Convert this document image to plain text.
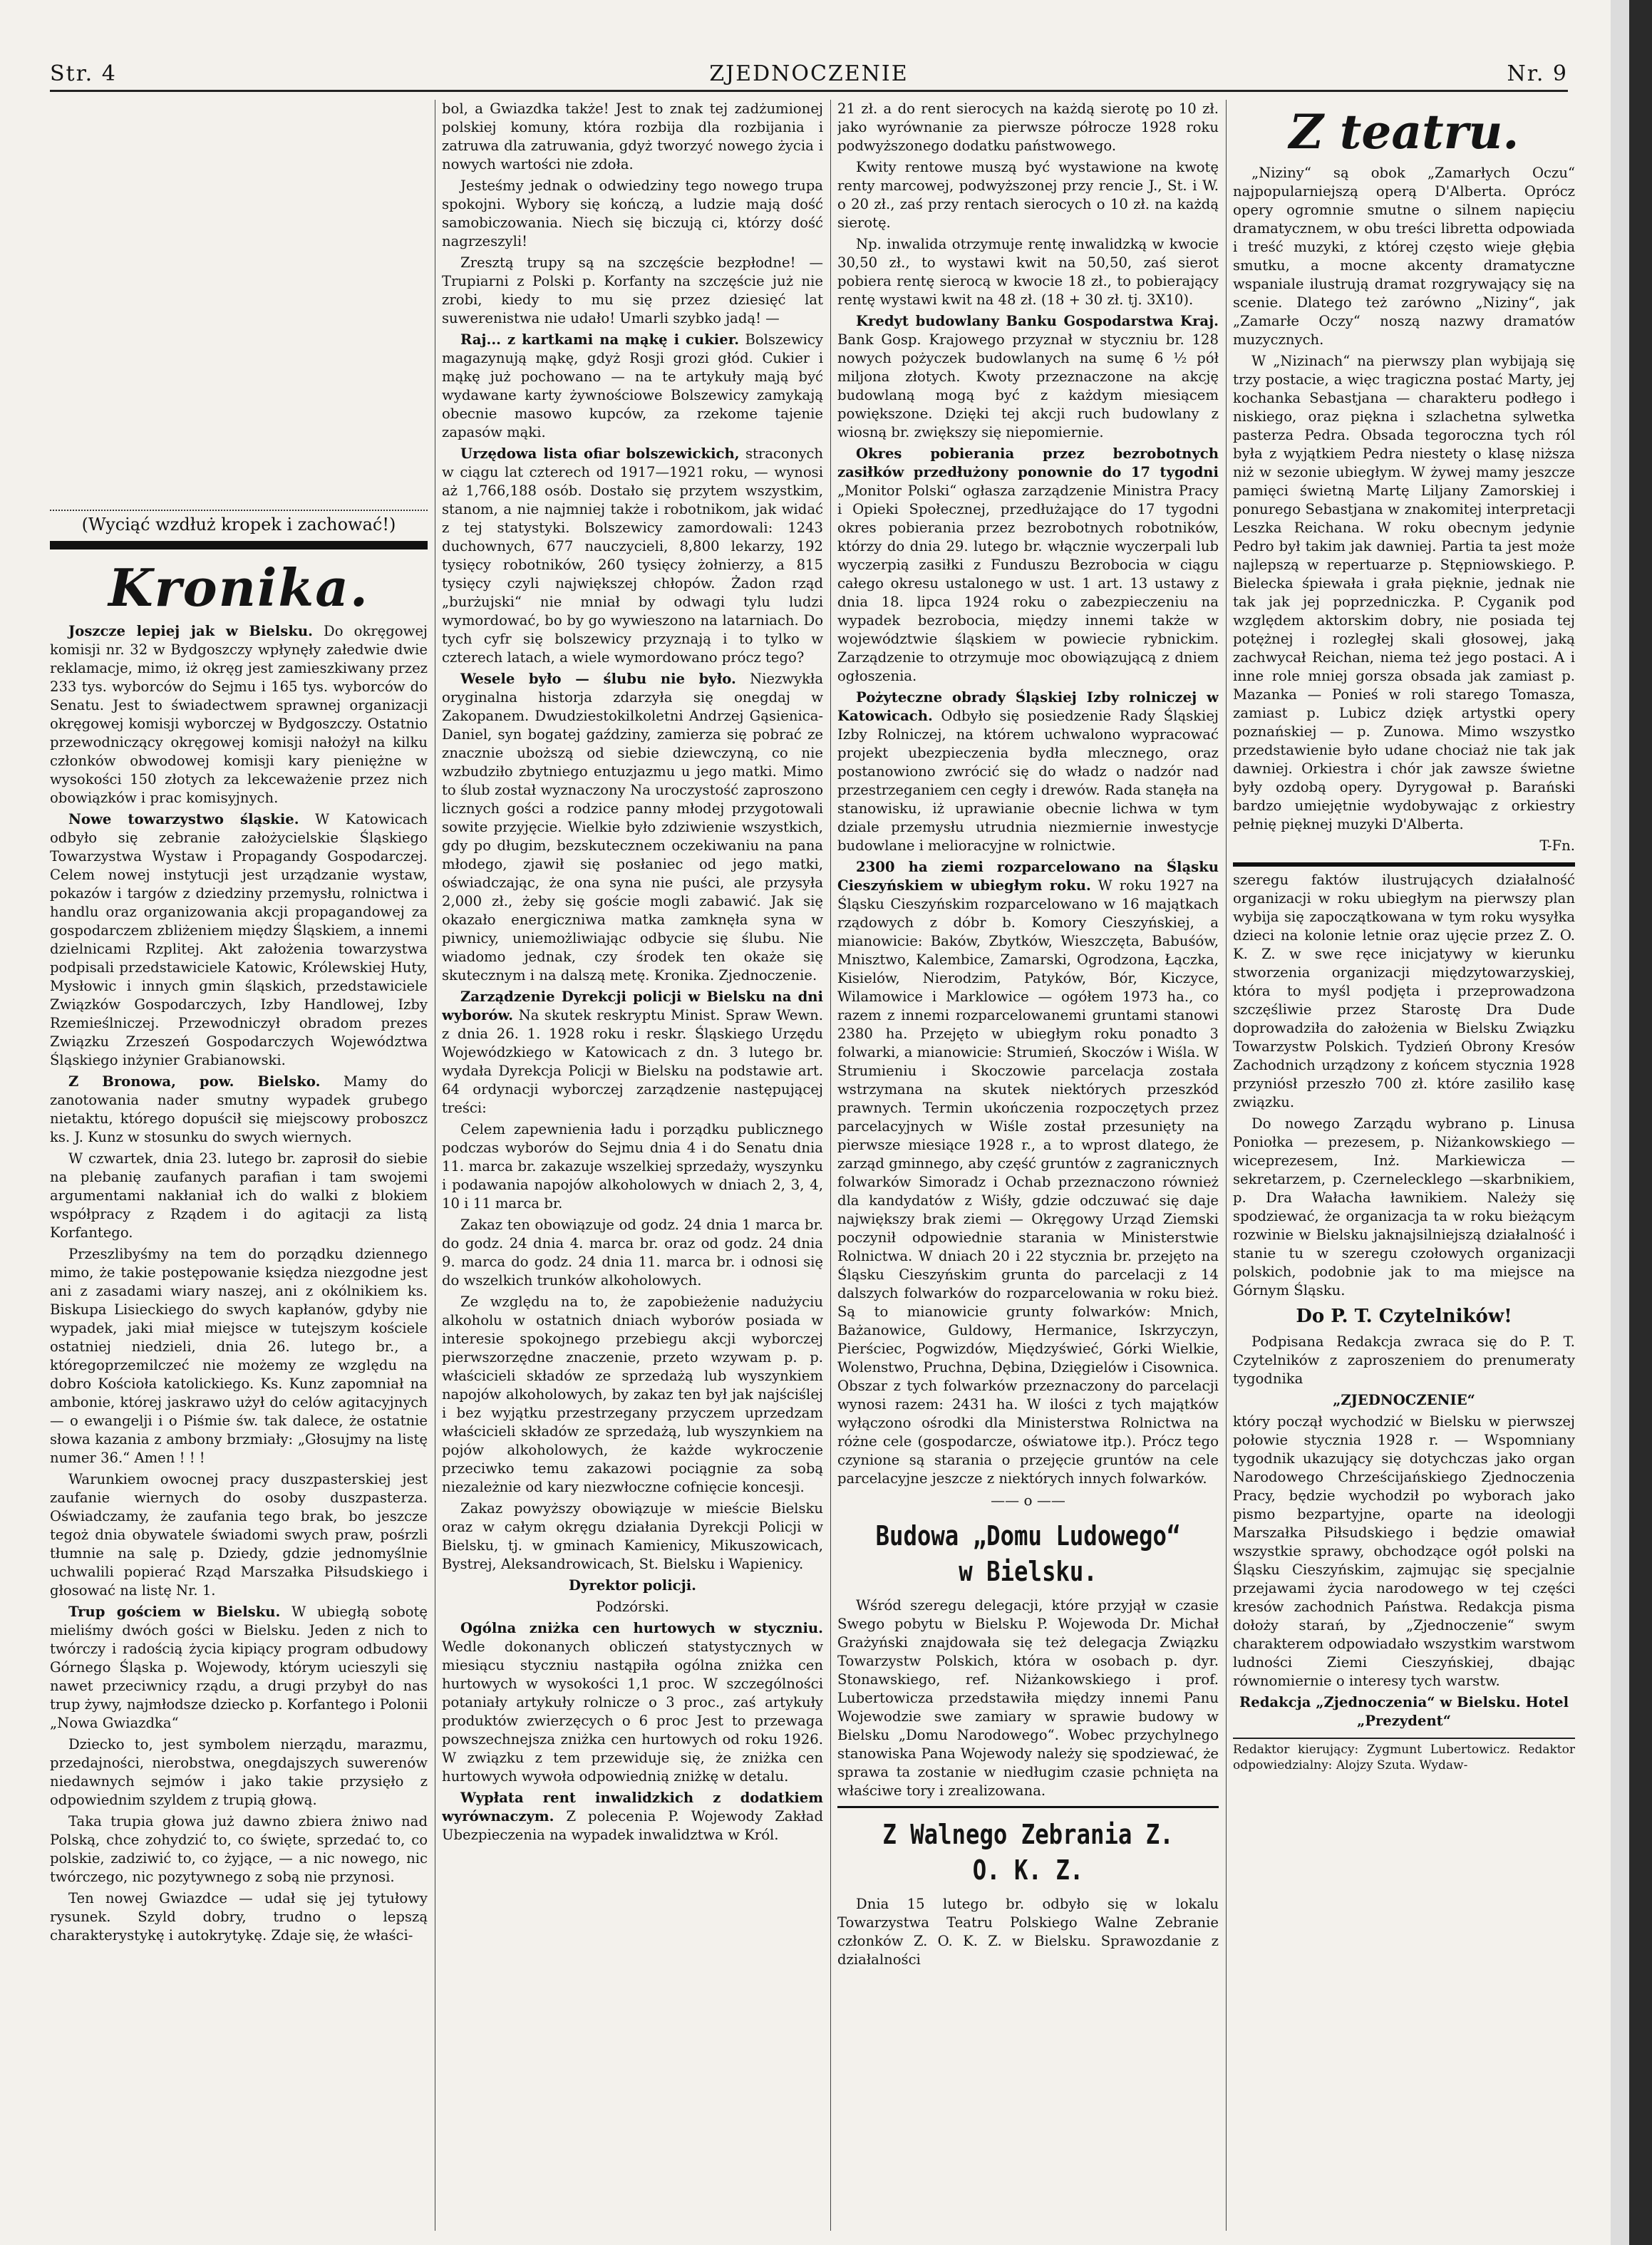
Str. 4	ZJEDNOCZENIE	Nr. 9
(Wyciąć wzdłuż kropek i zachować!)
Kronika.

Joszcze lepiej jak w Bielsku. Do okręgowej komisji nr. 32 w Bydgoszczy wpłynęły załedwie dwie reklamacje, mimo, iż okręg jest zamieszkiwany przez 233 tys. wyborców do Sejmu i 165 tys. wyborców do Senatu. Jest to świadectwem sprawnej organizacji okręgowej komisji wyborczej w Bydgoszczy. Ostatnio przewodniczący okręgowej komisji nałożył na kilku członków obwodowej komisji kary pieniężne w wysokości 150 złotych za lekceważenie przez nich obowiązków i prac komisyjnych.

Nowe towarzystwo śląskie. W Katowicach odbyło się zebranie założycielskie Śląskiego Towarzystwa Wystaw i Propagandy Gospodarczej. Celem nowej instytucji jest urządzanie wystaw, pokazów i targów z dziedziny przemysłu, rolnictwa i handlu oraz organizowania akcji propagandowej za gospodarczem zbliżeniem między Śląskiem, a innemi dzielnicami Rzplitej. Akt założenia towarzystwa podpisali przedstawiciele Katowic, Królewskiej Huty, Mysłowic i innych gmin śląskich, przedstawiciele Związków Gospodarczych, Izby Handlowej, Izby Rzemieślniczej. Przewodniczył obradom prezes Związku Zrzeszeń Gospodarczych Województwa Śląskiego inżynier Grabianowski.

Z Bronowa, pow. Bielsko. Mamy do zanotowania nader smutny wypadek grubego nietaktu, którego dopuścił się miejscowy proboszcz ks. J. Kunz w stosunku do swych wiernych.

W czwartek, dnia 23. lutego br. zaprosił do siebie na plebanię zaufanych parafian i tam swojemi argumentami nakłaniał ich do walki z blokiem współpracy z Rządem i do agitacji za listą Korfantego.

Przeszlibyśmy na tem do porządku dziennego mimo, że takie postępowanie księdza niezgodne jest ani z zasadami wiary naszej, ani z okólnikiem ks. Biskupa Lisieckiego do swych kapłanów, gdyby nie wypadek, jaki miał miejsce w tutejszym kościele ostatniej niedzieli, dnia 26. lutego br., a któregoprzemilczeć nie możemy ze względu na dobro Kościoła katolickiego. Ks. Kunz zapomniał na ambonie, której jaskrawo użył do celów agitacyjnych — o ewangelji i o Piśmie św. tak dalece, że ostatnie słowa kazania z ambony brzmiały: „Głosujmy na listę numer 36.“ Amen ! ! !

Warunkiem owocnej pracy duszpasterskiej jest zaufanie wiernych do osoby duszpasterza. Oświadczamy, że zaufania tego brak, bo jeszcze tegoż dnia obywatele świadomi swych praw, pośrzli tłumnie na salę p. Dziedy, gdzie jednomyślnie uchwalili popierać Rząd Marszałka Piłsudskiego i głosować na listę Nr. 1.

Trup gościem w Bielsku. W ubiegłą sobotę mieliśmy dwóch gości w Bielsku. Jeden z nich to twórczy i radością życia kipiący program odbudowy Górnego Śląska p. Wojewody, którym ucieszyli się nawet przeciwnicy rządu, a drugi przybył do nas trup żywy, najmłodsze dziecko p. Korfantego i Polonii „Nowa Gwiazdka“

Dziecko to, jest symbolem nierządu, marazmu, przedajności, nierobstwa, onegdajszych suwerenów niedawnych sejmów i jako takie przysięło z odpowiednim szyldem z trupią głową.

Taka trupia głowa już dawno zbiera żniwo nad Polską, chce zohydzić to, co święte, sprzedać to, co polskie, zadziwić to, co żyjące, — a nic nowego, nic twórczego, nic pozytywnego z sobą nie przynosi.

Ten nowej Gwiazdce — udał się jej tytułowy rysunek. Szyld dobry, trudno o lepszą charakterystykę i autokrytykę. Zdaje się, że właści-

bol, a Gwiazdka także! Jest to znak tej zadżumionej polskiej komuny, która rozbija dla rozbijania i zatruwa dla zatruwania, gdyż tworzyć nowego życia i nowych wartości nie zdoła.

Jesteśmy jednak o odwiedziny tego nowego trupa spokojni. Wybory się kończą, a ludzie mają dość samobiczowania. Niech się biczują ci, którzy dość nagrzeszyli!

Zresztą trupy są na szczęście bezpłodne! — Trupiarni z Polski p. Korfanty na szczęście już nie zrobi, kiedy to mu się przez dziesięć lat suwerenistwa nie udało! Umarli szybko jadą! —

Raj... z kartkami na mąkę i cukier. Bolszewicy magazynują mąkę, gdyż Rosji grozi głód. Cukier i mąkę już pochowano — na te artykuły mają być wydawane karty żywnościowe Bolszewicy zamykają obecnie masowo kupców, za rzekome tajenie zapasów mąki.

Urzędowa lista ofiar bolszewickich, straconych w ciągu lat czterech od 1917—1921 roku, — wynosi aż 1,766,188 osób. Dostało się przytem wszystkim, stanom, a nie najmniej także i robotnikom, jak widać z tej statystyki. Bolszewicy zamordowali: 1243 duchownych, 677 nauczycieli, 8,800 lekarzy, 192 tysięcy robotników, 260 tysięcy żołnierzy, a 815 tysięcy czyli największej chłopów. Żadon rząd „burżujski“ nie mniał by odwagi tylu ludzi wymordować, bo by go wywieszono na latarniach. Do tych cyfr się bolszewicy przyznają i to tylko w czterech latach, a wiele wymordowano prócz tego?

Wesele było — ślubu nie było. Niezwykła oryginalna historja zdarzyła się onegdaj w Zakopanem. Dwudziestokilkoletni Andrzej Gąsienica-Daniel, syn bogatej gaździny, zamierza się pobrać ze znacznie uboższą od siebie dziewczyną, co nie wzbudziło zbytniego entuzjazmu u jego matki. Mimo to ślub został wyznaczony Na uroczystość zaproszono licznych gości a rodzice panny młodej przygotowali sowite przyjęcie. Wielkie było zdziwienie wszystkich, gdy po długim, bezskutecznem oczekiwaniu na pana młodego, zjawił się posłaniec od jego matki, oświadczając, że ona syna nie puści, ale przysyła 2,000 zł., żeby się goście mogli zabawić. Jak się okazało energiczniwa matka zamknęła syna w piwnicy, uniemożliwiając odbycie się ślubu. Nie wiadomo jednak, czy środek ten okaże się skutecznym i na dalszą metę. Kronika. Zjednoczenie.

Zarządzenie Dyrekcji policji w Bielsku na dni wyborów. Na skutek reskryptu Minist. Spraw Wewn. z dnia 26. 1. 1928 roku i reskr. Śląskiego Urzędu Wojewódzkiego w Katowicach z dn. 3 lutego br. wydała Dyrekcja Policji w Bielsku na podstawie art. 64 ordynacji wyborczej zarządzenie następującej treści:

Celem zapewnienia ładu i porządku publicznego podczas wyborów do Sejmu dnia 4 i do Senatu dnia 11. marca br. zakazuje wszelkiej sprzedaży, wyszynku i podawania napojów alkoholowych w dniach 2, 3, 4, 10 i 11 marca br.

Zakaz ten obowiązuje od godz. 24 dnia 1 marca br. do godz. 24 dnia 4. marca br. oraz od godz. 24 dnia 9. marca do godz. 24 dnia 11. marca br. i odnosi się do wszelkich trunków alkoholowych.

Ze względu na to, że zapobieżenie nadużyciu alkoholu w ostatnich dniach wyborów posiada w interesie spokojnego przebiegu akcji wyborczej pierwszorzędne znaczenie, przeto wzywam p. p. właścicieli składów ze sprzedażą lub wyszynkiem napojów alkoholowych, by zakaz ten był jak najściślej i bez wyjątku przestrzegany przyczem uprzedzam właścicieli składów ze sprzedażą, lub wyszynkiem na pojów alkoholowych, że każde wykroczenie przeciwko temu zakazowi pociągnie za sobą niezależnie od kary niezwłoczne cofnięcie koncesji.

Zakaz powyższy obowiązuje w mieście Bielsku oraz w całym okręgu działania Dyrekcji Policji w Bielsku, tj. w gminach Kamienicy, Mikuszowicach, Bystrej, Aleksandrowicach, St. Bielsku i Wapienicy.

Dyrektor policji.

Podzórski.

Ogólna zniżka cen hurtowych w styczniu. Wedle dokonanych obliczeń statystycznych w miesiącu styczniu nastąpiła ogólna zniżka cen hurtowych w wysokości 1,1 proc. W szczególności potaniały artykuły rolnicze o 3 proc., zaś artykuły produktów zwierzęcych o 6 proc Jest to przewaga powszechnejsza zniżka cen hurtowych od roku 1926. W związku z tem przewiduje się, że zniżka cen hurtowych wywoła odpowiednią zniżkę w detalu.

Wypłata rent inwalidzkich z dodatkiem wyrównaczym. Z polecenia P. Wojewody Zakład Ubezpieczenia na wypadek inwalidztwa w Król.

21 zł. a do rent sierocych na każdą sierotę po 10 zł. jako wyrównanie za pierwsze półrocze 1928 roku podwyższonego dodatku państwowego.

Kwity rentowe muszą być wystawione na kwotę renty marcowej, podwyższonej przy rencie J., St. i W. o 20 zł., zaś przy rentach sierocych o 10 zł. na każdą sierotę.

Np. inwalida otrzymuje rentę inwalidzką w kwocie 30,50 zł., to wystawi kwit na 50,50, zaś sierot pobiera rentę sierocą w kwocie 18 zł., to pobierający rentę wystawi kwit na 48 zł. (18 + 30 zł. tj. 3X10).

Kredyt budowlany Banku Gospodarstwa Kraj. Bank Gosp. Krajowego przyznał w styczniu br. 128 nowych pożyczek budowlanych na sumę 6 ½ pół miljona złotych. Kwoty przeznaczone na akcję budowlaną mogą być z każdym miesiącem powiększone. Dzięki tej akcji ruch budowlany z wiosną br. zwiększy się niepomiernie.

Okres pobierania przez bezrobotnych zasiłków przedłużony ponownie do 17 tygodni „Monitor Polski“ ogłasza zarządzenie Ministra Pracy i Opieki Społecznej, przedłużające do 17 tygodni okres pobierania przez bezrobotnych robotników, którzy do dnia 29. lutego br. włącznie wyczerpali lub wyczerpią zasiłki z Funduszu Bezrobocia w ciągu całego okresu ustalonego w ust. 1 art. 13 ustawy z dnia 18. lipca 1924 roku o zabezpieczeniu na wypadek bezrobocia, między innemi także w województwie śląskiem w powiecie rybnickim. Zarządzenie to otrzymuje moc obowiązującą z dniem ogłoszenia.

Pożyteczne obrady Śląskiej Izby rolniczej w Katowicach. Odbyło się posiedzenie Rady Śląskiej Izby Rolniczej, na którem uchwalono wypracować projekt ubezpieczenia bydła mlecznego, oraz postanowiono zwrócić się do władz o nadzór nad przestrzeganiem cen cegły i drewów. Rada stanęła na stanowisku, iż uprawianie obecnie lichwa w tym dziale przemysłu utrudnia niezmiernie inwestycje budowlane i melioracyjne w rolnictwie.

2300 ha ziemi rozparcelowano na Śląsku Cieszyńskiem w ubiegłym roku. W roku 1927 na Śląsku Cieszyńskim rozparcelowano w 16 majątkach rządowych z dóbr b. Komory Cieszyńskiej, a mianowicie: Baków, Zbytków, Wieszczęta, Babuśów, Mnisztwo, Kalembice, Zamarski, Ogrodzona, Łączka, Kisielów, Nierodzim, Patyków, Bór, Kiczyce, Wilamowice i Marklowice — ogółem 1973 ha., co razem z innemi rozparcelowanemi gruntami stanowi 2380 ha. Przejęto w ubiegłym roku ponadto 3 folwarki, a mianowicie: Strumień, Skoczów i Wiśla. W Strumieniu i Skoczowie parcelacja została wstrzymana na skutek niektórych przeszkód prawnych. Termin ukończenia rozpoczętych przez parcelacyjnych w Wiśle został przesunięty na pierwsze miesiące 1928 r., a to wprost dlatego, że zarząd gminnego, aby część gruntów z zagranicznych folwarków Simoradz i Ochab przeznaczono również dla kandydatów z Wiśły, gdzie odczuwać się daje największy brak ziemi — Okręgowy Urząd Ziemski poczynił odpowiednie starania w Ministerstwie Rolnictwa. W dniach 20 i 22 stycznia br. przejęto na Śląsku Cieszyńskim grunta do parcelacji z 14 dalszych folwarków do rozparcelowania w roku bież. Są to mianowicie grunty folwarków: Mnich, Bażanowice, Guldowy, Hermanice, Iskrzyczyn, Pierściec, Pogwizdów, Międzyświeć, Górki Wielkie, Wolenstwo, Pruchna, Dębina, Dzięgielów i Cisownica. Obszar z tych folwarków przeznaczony do parcelacji wynosi razem: 2431 ha. W ilości z tych majątków wyłączono ośrodki dla Ministerstwa Rolnictwa na różne cele (gospodarcze, oświatowe itp.). Prócz tego czynione są starania o przejęcie gruntów na cele parcelacyjne jeszcze z niektórych innych folwarków.

—— o ——
Budowa „Domu Ludowego“ w Bielsku.

Wśród szeregu delegacji, które przyjął w czasie Swego pobytu w Bielsku P. Wojewoda Dr. Michał Grażyński znajdowała się też delegacja Związku Towarzystw Polskich, która w osobach p. dyr. Stonawskiego, ref. Niżankowskiego i prof. Lubertowicza przedstawiła między innemi Panu Wojewodzie swe zamiary w sprawie budowy w Bielsku „Domu Narodowego“. Wobec przychylnego stanowiska Pana Wojewody należy się spodziewać, że sprawa ta zostanie w niedługim czasie pchnięta na właściwe tory i zrealizowana.

Z Walnego Zebrania Z. O. K. Z.

Dnia 15 lutego br. odbyło się w lokalu Towarzystwa Teatru Polskiego Walne Zebranie członków Z. O. K. Z. w Bielsku. Sprawozdanie z działalności

Z teatru.

„Niziny“ są obok „Zamarłych Oczu“ najpopularniejszą operą D'Alberta. Oprócz opery ogromnie smutne o silnem napięciu dramatycznem, w obu treści libretta odpowiada i treść muzyki, z której często wieje głębia smutku, a mocne akcenty dramatyczne wspaniale ilustrują dramat rozgrywający się na scenie. Dlatego też zarówno „Niziny“, jak „Zamarłe Oczy“ noszą nazwy dramatów muzycznych.

W „Nizinach“ na pierwszy plan wybijają się trzy postacie, a więc tragiczna postać Marty, jej kochanka Sebastjana — charakteru podłego i niskiego, oraz piękna i szlachetna sylwetka pasterza Pedra. Obsada tegoroczna tych ról była z wyjątkiem Pedra niestety o klasę niższa niż w sezonie ubiegłym. W żywej mamy jeszcze pamięci świetną Martę Liljany Zamorskiej i ponurego Sebastjana w znakomitej interpretacji Leszka Reichana. W roku obecnym jedynie Pedro był takim jak dawniej. Partia ta jest może najlepszą w repertuarze p. Stępniowskiego. P. Bielecka śpiewała i grała pięknie, jednak nie tak jak jej poprzedniczka. P. Cyganik pod względem aktorskim dobry, nie posiada tej potężnej i rozległej skali głosowej, jaką zachwycał Reichan, niema też jego postaci. A i inne role mniej gorsza obsada jak zamiast p. Mazanka — Ponieś w roli starego Tomasza, zamiast p. Lubicz dzięk artystki opery poznańskiej — p. Zunowa. Mimo wszystko przedstawienie było udane chociaż nie tak jak dawniej. Orkiestra i chór jak zawsze świetne były ozdobą opery. Dyrygował p. Barański bardzo umiejętnie wydobywając z orkiestry pełnię pięknej muzyki D'Alberta.

T-Fn.

szeregu faktów ilustrujących działalność organizacji w roku ubiegłym na pierwszy plan wybija się zapoczątkowana w tym roku wysyłka dzieci na kolonie letnie oraz ujęcie przez Z. O. K. Z. w swe ręce inicjatywy w kierunku stworzenia organizacji międzytowarzyskiej, która to myśl podjęta i przeprowadzona szczęśliwie przez Starostę Dra Dude doprowadziła do założenia w Bielsku Związku Towarzystw Polskich. Tydzień Obrony Kresów Zachodnich urządzony z końcem stycznia 1928 przyniósł przeszło 700 zł. które zasiliło kasę związku.

Do nowego Zarządu wybrano p. Linusa Poniołka — prezesem, p. Niżankowskiego — wiceprezesem, Inż. Markiewicza — sekretarzem, p. Czernelecklego —skarbnikiem, p. Dra Wałacha ławnikiem. Należy się spodziewać, że organizacja ta w roku bieżącym rozwinie w Bielsku jaknajsilniejszą działalność i stanie tu w szeregu czołowych organizacji polskich, podobnie jak to ma miejsce na Górnym Śląsku.

Do P. T. Czytelników!

Podpisana Redakcja zwraca się do P. T. Czytelników z zaproszeniem do prenumeraty tygodnika

„ZJEDNOCZENIE“

który począł wychodzić w Bielsku w pierwszej połowie stycznia 1928 r. — Wspomniany tygodnik ukazujący się dotychczas jako organ Narodowego Chrześcijańskiego Zjednoczenia Pracy, będzie wychodził po wyborach jako pismo bezpartyjne, oparte na ideologji Marszałka Piłsudskiego i będzie omawiał wszystkie sprawy, obchodzące ogół polski na Śląsku Cieszyńskim, zajmując się specjalnie przejawami życia narodowego w tej części kresów zachodnich Państwa. Redakcja pisma dołoży starań, by „Zjednoczenie“ swym charakterem odpowiadało wszystkim warstwom ludności Ziemi Cieszyńskiej, dbając równomiernie o interesy tych warstw.

Redakcja „Zjednoczenia“ w Bielsku. Hotel „Prezydent“

Redaktor kierujący: Zygmunt Lubertowicz. Redaktor odpowiedzialny: Alojzy Szuta. Wydaw-
